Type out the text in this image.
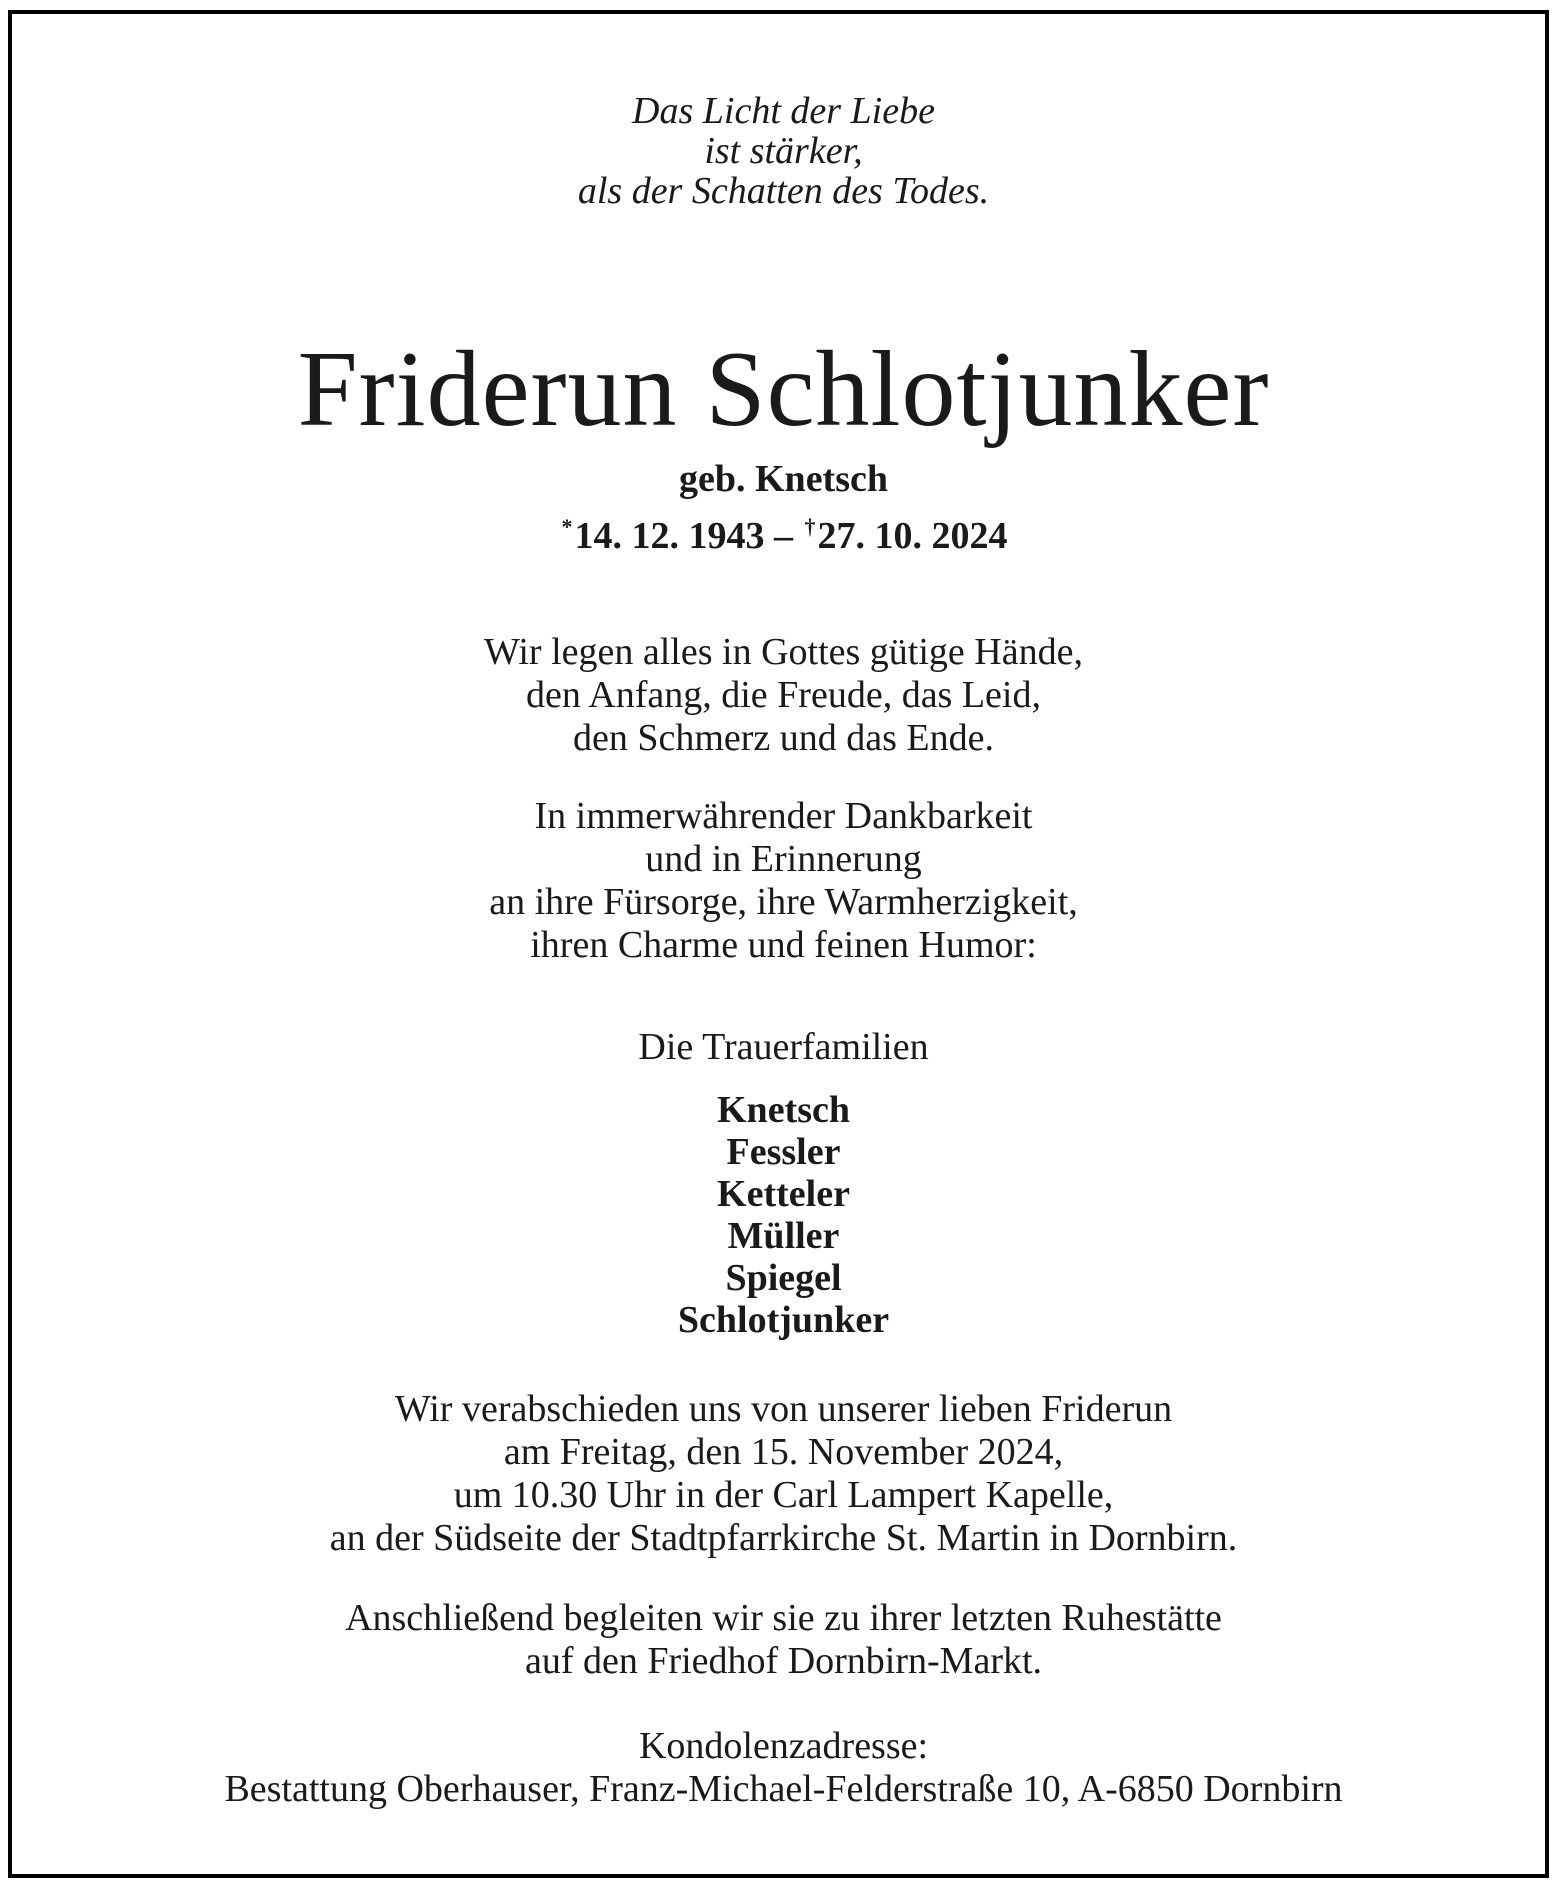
Das Licht der Liebe
ist stärker,
als der Schatten des Todes.
Friderun Schlotjunker
geb. Knetsch
*14. 12. 1943 – †27. 10. 2024
Wir legen alles in Gottes gütige Hände,
den Anfang, die Freude, das Leid,
den Schmerz und das Ende.
In immerwährender Dankbarkeit
und in Erinnerung
an ihre Fürsorge, ihre Warmherzigkeit,
ihren Charme und feinen Humor:
Die Trauerfamilien
Knetsch
Fessler
Ketteler
Müller
Spiegel
Schlotjunker
Wir verabschieden uns von unserer lieben Friderun
am Freitag, den 15. November 2024,
um 10.30 Uhr in der Carl Lampert Kapelle,
an der Südseite der Stadtpfarrkirche St. Martin in Dornbirn.
Anschließend begleiten wir sie zu ihrer letzten Ruhestätte
auf den Friedhof Dornbirn-Markt.
Kondolenzadresse:
Bestattung Oberhauser, Franz-Michael-Felderstraße 10, A-6850 Dornbirn
